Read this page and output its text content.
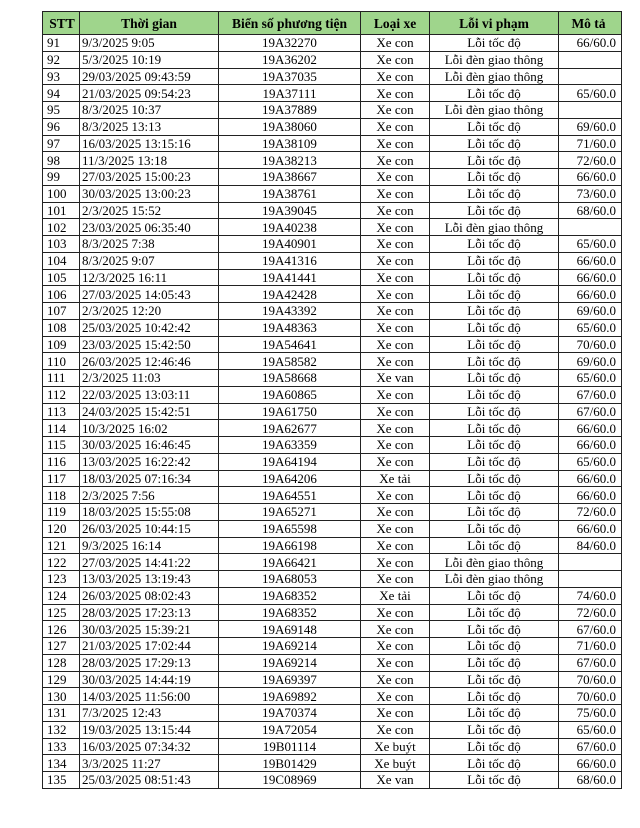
STT	Thời gian	Biển số phương tiện	Loại xe	Lỗi vi phạm	Mô tả
91	9/3/2025 9:05	19A32270	Xe con	Lỗi tốc độ	66/60.0
92	5/3/2025 10:19	19A36202	Xe con	Lỗi đèn giao thông	
93	29/03/2025 09:43:59	19A37035	Xe con	Lỗi đèn giao thông	
94	21/03/2025 09:54:23	19A37111	Xe con	Lỗi tốc độ	65/60.0
95	8/3/2025 10:37	19A37889	Xe con	Lỗi đèn giao thông	
96	8/3/2025 13:13	19A38060	Xe con	Lỗi tốc độ	69/60.0
97	16/03/2025 13:15:16	19A38109	Xe con	Lỗi tốc độ	71/60.0
98	11/3/2025 13:18	19A38213	Xe con	Lỗi tốc độ	72/60.0
99	27/03/2025 15:00:23	19A38667	Xe con	Lỗi tốc độ	66/60.0
100	30/03/2025 13:00:23	19A38761	Xe con	Lỗi tốc độ	73/60.0
101	2/3/2025 15:52	19A39045	Xe con	Lỗi tốc độ	68/60.0
102	23/03/2025 06:35:40	19A40238	Xe con	Lỗi đèn giao thông	
103	8/3/2025 7:38	19A40901	Xe con	Lỗi tốc độ	65/60.0
104	8/3/2025 9:07	19A41316	Xe con	Lỗi tốc độ	66/60.0
105	12/3/2025 16:11	19A41441	Xe con	Lỗi tốc độ	66/60.0
106	27/03/2025 14:05:43	19A42428	Xe con	Lỗi tốc độ	66/60.0
107	2/3/2025 12:20	19A43392	Xe con	Lỗi tốc độ	69/60.0
108	25/03/2025 10:42:42	19A48363	Xe con	Lỗi tốc độ	65/60.0
109	23/03/2025 15:42:50	19A54641	Xe con	Lỗi tốc độ	70/60.0
110	26/03/2025 12:46:46	19A58582	Xe con	Lỗi tốc độ	69/60.0
111	2/3/2025 11:03	19A58668	Xe van	Lỗi tốc độ	65/60.0
112	22/03/2025 13:03:11	19A60865	Xe con	Lỗi tốc độ	67/60.0
113	24/03/2025 15:42:51	19A61750	Xe con	Lỗi tốc độ	67/60.0
114	10/3/2025 16:02	19A62677	Xe con	Lỗi tốc độ	66/60.0
115	30/03/2025 16:46:45	19A63359	Xe con	Lỗi tốc độ	66/60.0
116	13/03/2025 16:22:42	19A64194	Xe con	Lỗi tốc độ	65/60.0
117	18/03/2025 07:16:34	19A64206	Xe tải	Lỗi tốc độ	66/60.0
118	2/3/2025 7:56	19A64551	Xe con	Lỗi tốc độ	66/60.0
119	18/03/2025 15:55:08	19A65271	Xe con	Lỗi tốc độ	72/60.0
120	26/03/2025 10:44:15	19A65598	Xe con	Lỗi tốc độ	66/60.0
121	9/3/2025 16:14	19A66198	Xe con	Lỗi tốc độ	84/60.0
122	27/03/2025 14:41:22	19A66421	Xe con	Lỗi đèn giao thông	
123	13/03/2025 13:19:43	19A68053	Xe con	Lỗi đèn giao thông	
124	26/03/2025 08:02:43	19A68352	Xe tải	Lỗi tốc độ	74/60.0
125	28/03/2025 17:23:13	19A68352	Xe con	Lỗi tốc độ	72/60.0
126	30/03/2025 15:39:21	19A69148	Xe con	Lỗi tốc độ	67/60.0
127	21/03/2025 17:02:44	19A69214	Xe con	Lỗi tốc độ	71/60.0
128	28/03/2025 17:29:13	19A69214	Xe con	Lỗi tốc độ	67/60.0
129	30/03/2025 14:44:19	19A69397	Xe con	Lỗi tốc độ	70/60.0
130	14/03/2025 11:56:00	19A69892	Xe con	Lỗi tốc độ	70/60.0
131	7/3/2025 12:43	19A70374	Xe con	Lỗi tốc độ	75/60.0
132	19/03/2025 13:15:44	19A72054	Xe con	Lỗi tốc độ	65/60.0
133	16/03/2025 07:34:32	19B01114	Xe buýt	Lỗi tốc độ	67/60.0
134	3/3/2025 11:27	19B01429	Xe buýt	Lỗi tốc độ	66/60.0
135	25/03/2025 08:51:43	19C08969	Xe van	Lỗi tốc độ	68/60.0
